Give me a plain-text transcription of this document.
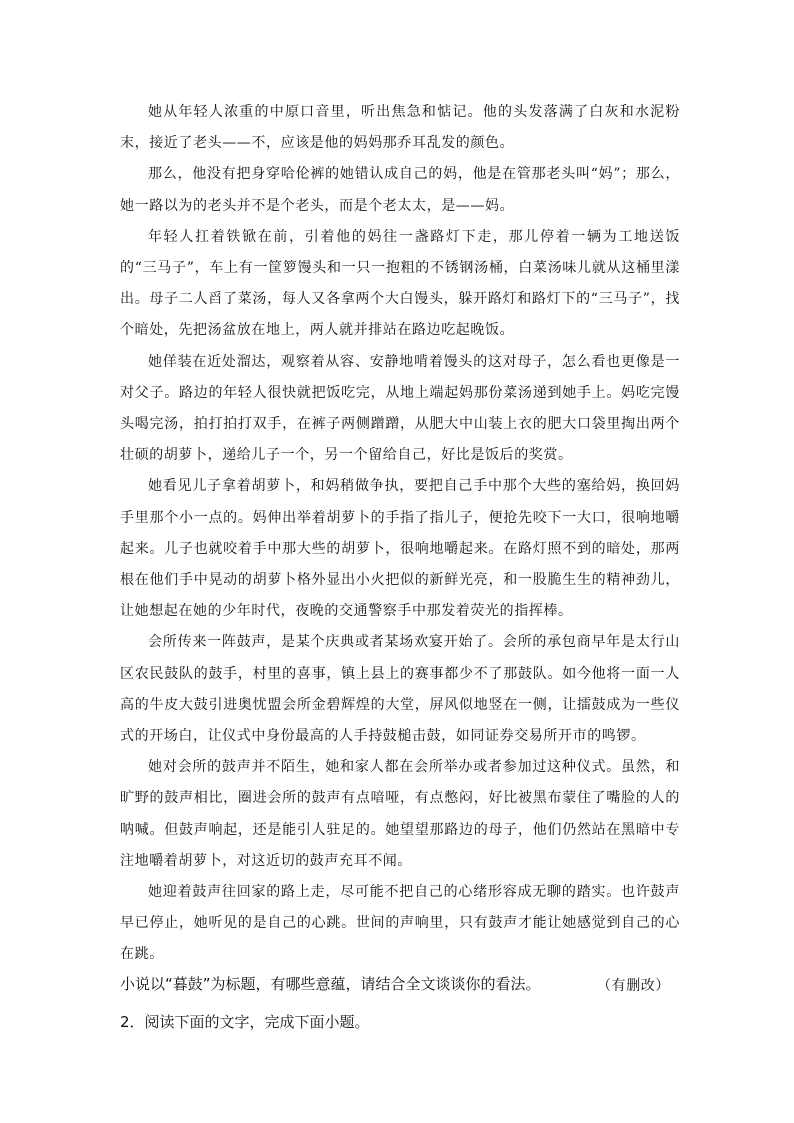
她从年轻人浓重的中原口音里，听出焦急和惦记。他的头发落满了白灰和水泥粉末，接近了老头——不，应该是他的妈妈那乔耳乱发的颜色。

那么，他没有把身穿哈伦裤的她错认成自己的妈，他是在管那老头叫“妈”；那么，她一路以为的老头并不是个老头，而是个老太太，是——妈。

年轻人扛着铁锨在前，引着他的妈往一盏路灯下走，那儿停着一辆为工地送饭的“三马子”，车上有一筐箩馒头和一只一抱粗的不锈钢汤桶，白菜汤味儿就从这桶里漾出。母子二人舀了菜汤，每人又各拿两个大白馒头，躲开路灯和路灯下的“三马子”，找个暗处，先把汤盆放在地上，两人就并排站在路边吃起晚饭。

她佯装在近处溜达，观察着从容、安静地啃着馒头的这对母子，怎么看也更像是一对父子。路边的年轻人很快就把饭吃完，从地上端起妈那份菜汤递到她手上。妈吃完馒头喝完汤，拍打拍打双手，在裤子两侧蹭蹭，从肥大中山装上衣的肥大口袋里掏出两个壮硕的胡萝卜，递给儿子一个，另一个留给自己，好比是饭后的奖赏。

她看见儿子拿着胡萝卜，和妈稍做争执，要把自己手中那个大些的塞给妈，换回妈手里那个小一点的。妈伸出举着胡萝卜的手指了指儿子，便抢先咬下一大口，很响地嚼起来。儿子也就咬着手中那大些的胡萝卜，很响地嚼起来。在路灯照不到的暗处，那两根在他们手中晃动的胡萝卜格外显出小火把似的新鲜光亮，和一股脆生生的精神劲儿，让她想起在她的少年时代，夜晚的交通警察手中那发着荧光的指挥棒。

会所传来一阵鼓声，是某个庆典或者某场欢宴开始了。会所的承包商早年是太行山区农民鼓队的鼓手，村里的喜事，镇上县上的赛事都少不了那鼓队。如今他将一面一人高的牛皮大鼓引进奥忧盟会所金碧辉煌的大堂，屏风似地竖在一侧，让擂鼓成为一些仪式的开场白，让仪式中身份最高的人手持鼓槌击鼓，如同证券交易所开市的鸣锣。

她对会所的鼓声并不陌生，她和家人都在会所举办或者参加过这种仪式。虽然，和旷野的鼓声相比，圈进会所的鼓声有点喑哑，有点憋闷，好比被黑布蒙住了嘴脸的人的呐喊。但鼓声响起，还是能引人驻足的。她望望那路边的母子，他们仍然站在黑暗中专注地嚼着胡萝卜，对这近切的鼓声充耳不闻。

她迎着鼓声往回家的路上走，尽可能不把自己的心绪形容成无聊的踏实。也许鼓声早已停止，她听见的是自己的心跳。世间的声响里，只有鼓声才能让她感觉到自己的心在跳。

（有删改）

小说以“暮鼓”为标题，有哪些意蕴，请结合全文谈谈你的看法。

2．阅读下面的文字，完成下面小题。
